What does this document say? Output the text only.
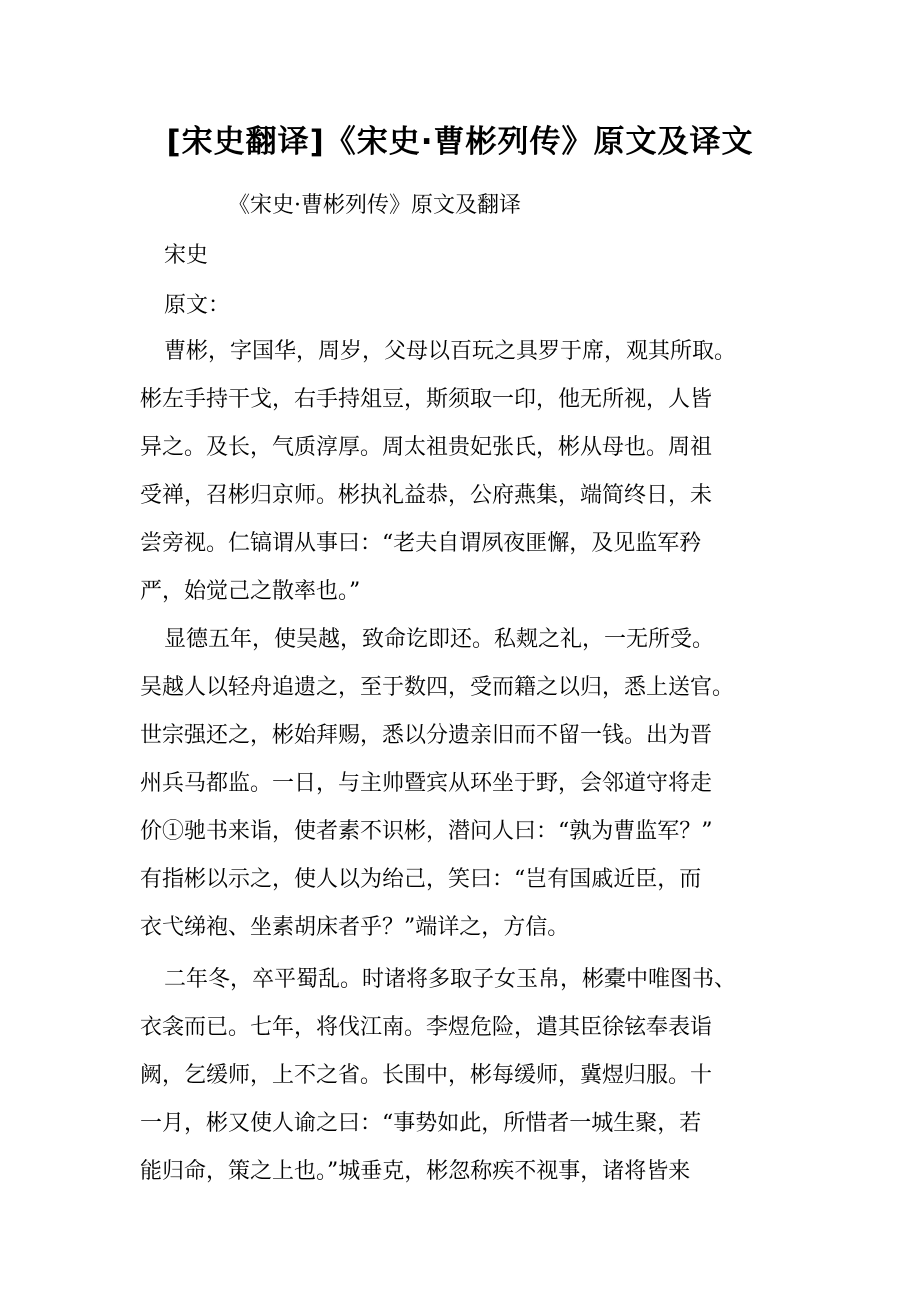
[宋史翻译]《宋史·曹彬列传》原文及译文

《宋史·曹彬列传》原文及翻译

宋史

原文：

曹彬，字国华，周岁，父母以百玩之具罗于席，观其所取。
彬左手持干戈，右手持俎豆，斯须取一印，他无所视，人皆
异之。及长，气质淳厚。周太祖贵妃张氏，彬从母也。周祖
受禅，召彬归京师。彬执礼益恭，公府燕集，端简终日，未
尝旁视。仁镐谓从事曰：“老夫自谓夙夜匪懈，及见监军矜
严，始觉己之散率也。”
显德五年，使吴越，致命讫即还。私觌之礼，一无所受。
吴越人以轻舟追遗之，至于数四，受而籍之以归，悉上送官。
世宗强还之，彬始拜赐，悉以分遗亲旧而不留一钱。出为晋
州兵马都监。一日，与主帅暨宾从环坐于野，会邻道守将走
价①驰书来诣，使者素不识彬，潜问人曰：“孰为曹监军？”
有指彬以示之，使人以为绐己，笑曰：“岂有国戚近臣，而
衣弋绨袍、坐素胡床者乎？”端详之，方信。
二年冬，卒平蜀乱。时诸将多取子女玉帛，彬橐中唯图书、
衣衾而已。七年，将伐江南。李煜危险，遣其臣徐铉奉表诣
阙，乞缓师，上不之省。长围中，彬每缓师，冀煜归服。十
一月，彬又使人谕之曰：“事势如此，所惜者一城生聚，若
能归命，策之上也。”城垂克，彬忽称疾不视事，诸将皆来
